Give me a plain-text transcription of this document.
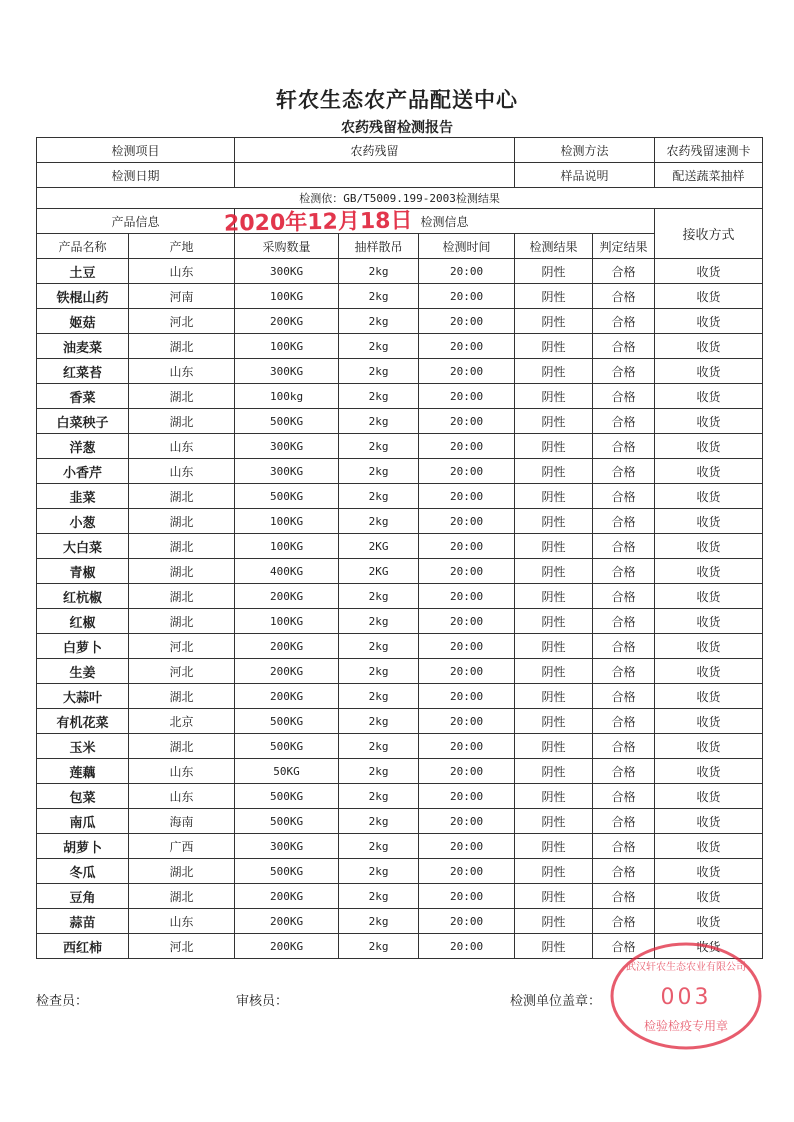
轩农生态农产品配送中心
农药残留检测报告
检测项目		农药残留			检测方法		农药残留速测卡
检测日期					样品说明		配送蔬菜抽样
检测依：GB/T5009.199-2003检测结果							
产品信息		检测信息					接收方式
产品名称	产地	采购数量	抽样散吊	检测时间	检测结果	判定结果	
土豆	山东	300KG	2kg	20:00	阴性	合格	收货
铁棍山药	河南	100KG	2kg	20:00	阴性	合格	收货
姬菇	河北	200KG	2kg	20:00	阴性	合格	收货
油麦菜	湖北	100KG	2kg	20:00	阴性	合格	收货
红菜苔	山东	300KG	2kg	20:00	阴性	合格	收货
香菜	湖北	100kg	2kg	20:00	阴性	合格	收货
白菜秧子	湖北	500KG	2kg	20:00	阴性	合格	收货
洋葱	山东	300KG	2kg	20:00	阴性	合格	收货
小香芹	山东	300KG	2kg	20:00	阴性	合格	收货
韭菜	湖北	500KG	2kg	20:00	阴性	合格	收货
小葱	湖北	100KG	2kg	20:00	阴性	合格	收货
大白菜	湖北	100KG	2KG	20:00	阴性	合格	收货
青椒	湖北	400KG	2KG	20:00	阴性	合格	收货
红杭椒	湖北	200KG	2kg	20:00	阴性	合格	收货
红椒	湖北	100KG	2kg	20:00	阴性	合格	收货
白萝卜	河北	200KG	2kg	20:00	阴性	合格	收货
生姜	河北	200KG	2kg	20:00	阴性	合格	收货
大蒜叶	湖北	200KG	2kg	20:00	阴性	合格	收货
有机花菜	北京	500KG	2kg	20:00	阴性	合格	收货
玉米	湖北	500KG	2kg	20:00	阴性	合格	收货
莲藕	山东	50KG	2kg	20:00	阴性	合格	收货
包菜	山东	500KG	2kg	20:00	阴性	合格	收货
南瓜	海南	500KG	2kg	20:00	阴性	合格	收货
胡萝卜	广西	300KG	2kg	20:00	阴性	合格	收货
冬瓜	湖北	500KG	2kg	20:00	阴性	合格	收货
豆角	湖北	200KG	2kg	20:00	阴性	合格	收货
蒜苗	山东	200KG	2kg	20:00	阴性	合格	收货
西红柿	河北	200KG	2kg	20:00	阴性	合格	收货
2020年12月18日
检查员：	审核员：	检测单位盖章：
武汉轩农生态农业有限公司
003
检验检疫专用章
